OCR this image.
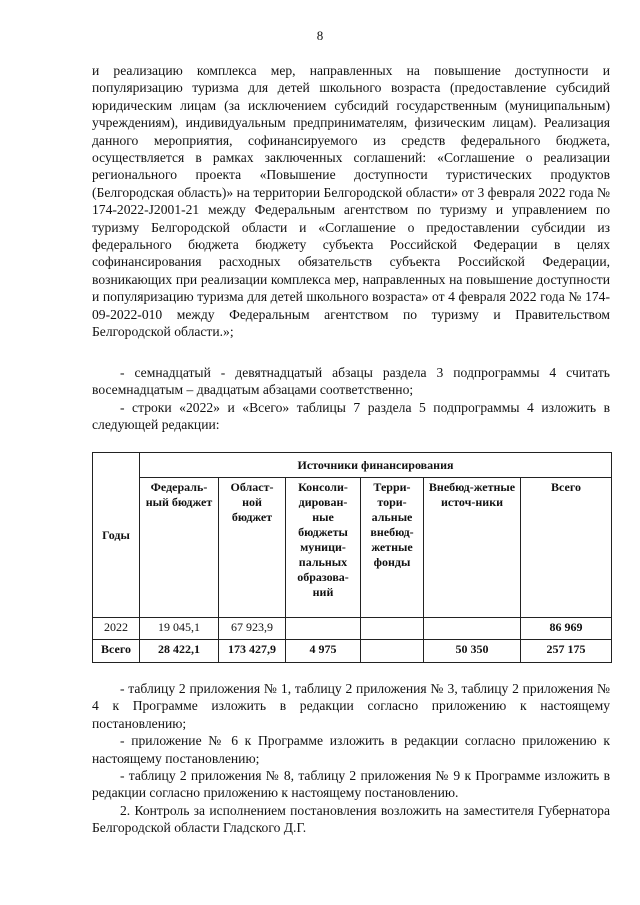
8

и реализацию комплекса мер, направленных на повышение доступности и популяризацию туризма для детей школьного возраста (предоставление субсидий юридическим лицам (за исключением субсидий государственным (муниципальным) учреждениям), индивидуальным предпринимателям, физическим лицам). Реализация данного мероприятия, софинансируемого из средств федерального бюджета, осуществляется в рамках заключенных соглашений: «Соглашение о реализации регионального проекта «Повышение доступности туристических продуктов (Белгородская область)» на территории Белгородской области» от 3 февраля 2022 года № 174-2022-J2001-21 между Федеральным агентством по туризму и управлением по туризму Белгородской области и «Соглашение о предоставлении субсидии из федерального бюджета бюджету субъекта Российской Федерации в целях софинансирования расходных обязательств субъекта Российской Федерации, возникающих при реализации комплекса мер, направленных на повышение доступности и популяризацию туризма для детей школьного возраста» от 4 февраля 2022 года № 174-09-2022-010 между Федеральным агентством по туризму и Правительством Белгородской области.»;

- семнадцатый - девятнадцатый абзацы раздела 3 подпрограммы 4 считать восемнадцатым – двадцатым абзацами соответственно;

- строки «2022» и «Всего» таблицы 7 раздела 5 подпрограммы 4 изложить в следующей редакции:

Годы	Источники финансирования					
	Федераль-ный бюджет	Област-ной бюджет	Консоли-дирован-ные бюджеты муници-пальных образова-ний	Терри-тори-альные внебюд-жетные фонды	Внебюд-жетные источ-ники	Всего
2022	19 045,1	67 923,9				86 969
Всего	28 422,1	173 427,9	4 975		50 350	257 175

- таблицу 2 приложения № 1, таблицу 2 приложения № 3, таблицу 2 приложения № 4 к Программе изложить в редакции согласно приложению к настоящему постановлению;

- приложение № 6 к Программе изложить в редакции согласно приложению к настоящему постановлению;

- таблицу 2 приложения № 8, таблицу 2 приложения № 9 к Программе изложить в редакции согласно приложению к настоящему постановлению.

2. Контроль за исполнением постановления возложить на заместителя Губернатора Белгородской области Гладского Д.Г.
